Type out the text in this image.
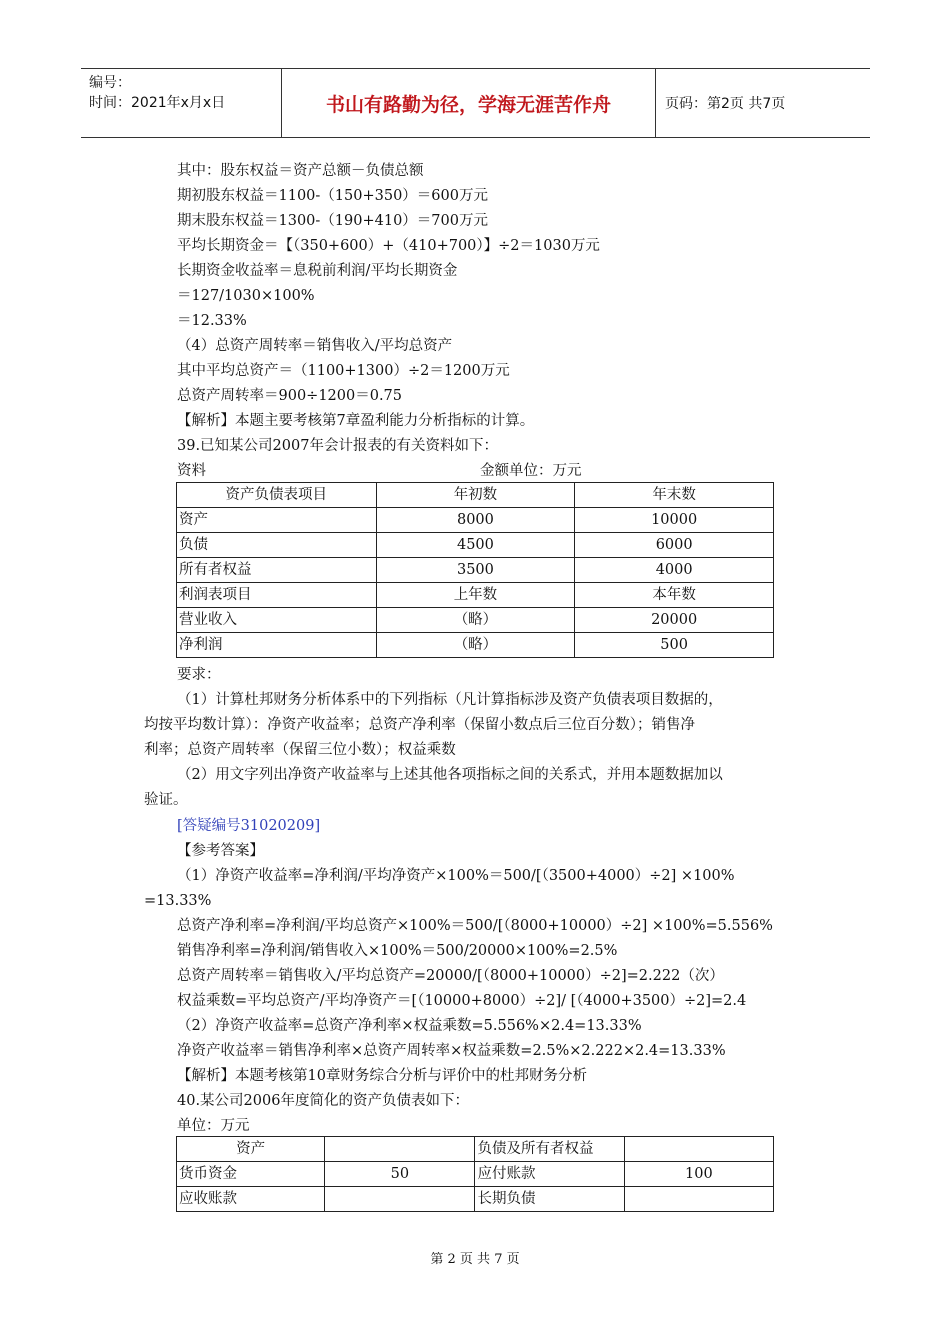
编号：
时间：2021年x月x日	书山有路勤为径，学海无涯苦作舟	页码：第2页 共7页
其中：股东权益＝资产总额－负债总额
期初股东权益＝1100-（150+350）＝600万元
期末股东权益＝1300-（190+410）＝700万元
平均长期资金＝【（350+600）+（410+700）】÷2＝1030万元
长期资金收益率＝息税前利润/平均长期资金
＝127/1030×100%
＝12.33%
（4）总资产周转率＝销售收入/平均总资产
其中平均总资产＝（1100+1300）÷2＝1200万元
总资产周转率＝900÷1200＝0.75
【解析】本题主要考核第7章盈利能力分析指标的计算。
39.已知某公司2007年会计报表的有关资料如下：
资料	金额单位：万元
资产负债表项目	年初数	年末数
资产	8000	10000
负债	4500	6000
所有者权益	3500	4000
利润表项目	上年数	本年数
营业收入	（略）	20000
净利润	（略）	500
要求：
（1）计算杜邦财务分析体系中的下列指标（凡计算指标涉及资产负债表项目数据的，
均按平均数计算）：净资产收益率；总资产净利率（保留小数点后三位百分数）；销售净
利率；总资产周转率（保留三位小数）；权益乘数
（2）用文字列出净资产收益率与上述其他各项指标之间的关系式，并用本题数据加以
验证。
[答疑编号31020209]
【参考答案】
（1）净资产收益率=净利润/平均净资产×100%＝500/[（3500+4000）÷2] ×100%
=13.33%
总资产净利率=净利润/平均总资产×100%＝500/[（8000+10000）÷2] ×100%=5.556%
销售净利率=净利润/销售收入×100%＝500/20000×100%=2.5%
总资产周转率＝销售收入/平均总资产=20000/[（8000+10000）÷2]=2.222（次）
权益乘数=平均总资产/平均净资产＝[（10000+8000）÷2]/ [（4000+3500）÷2]=2.4
（2）净资产收益率=总资产净利率×权益乘数=5.556%×2.4=13.33%
净资产收益率＝销售净利率×总资产周转率×权益乘数=2.5%×2.222×2.4=13.33%
【解析】本题考核第10章财务综合分析与评价中的杜邦财务分析
40.某公司2006年度简化的资产负债表如下：
单位：万元
资产		负债及所有者权益	
货币资金	50	应付账款	100
应收账款		长期负债	
第 2 页 共 7 页
